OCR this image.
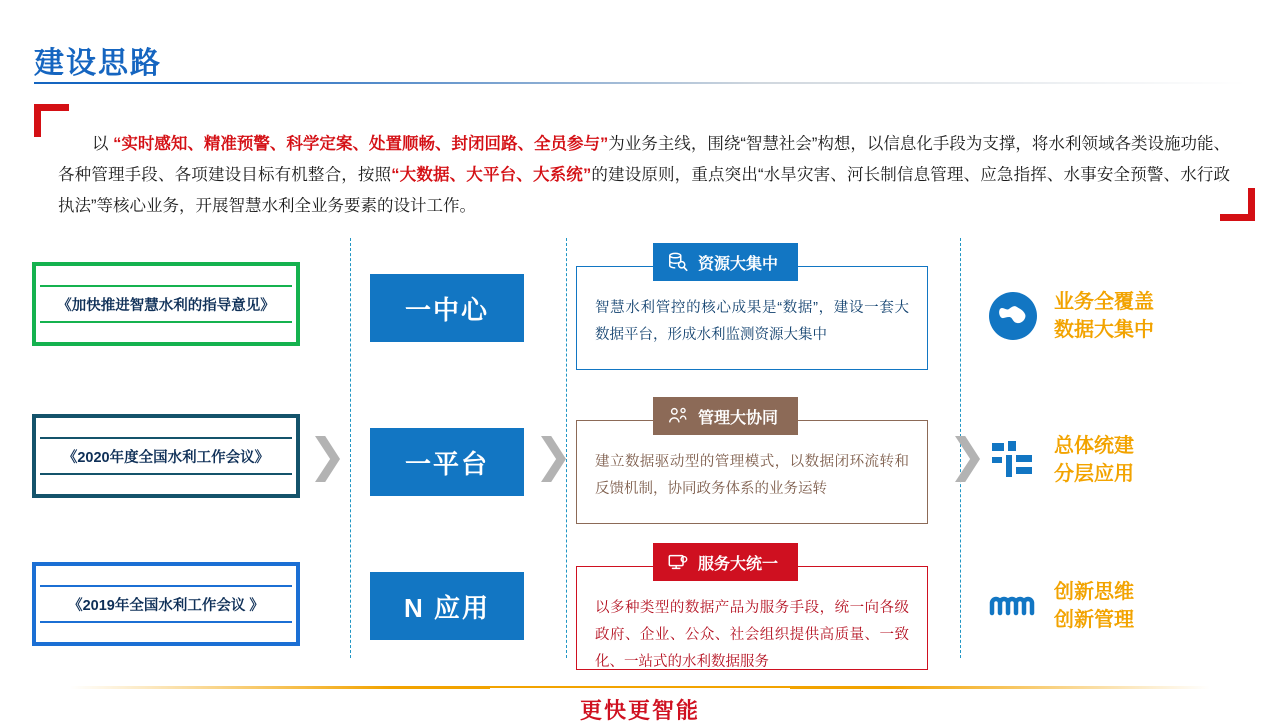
建设思路

以 “实时感知、精准预警、科学定案、处置顺畅、封闭回路、全员参与”为业务主线，围绕“智慧社会”构想，以信息化手段为支撑，将水利领域各类设施功能、各种管理手段、各项建设目标有机整合，按照“大数据、大平台、大系统”的建设原则，重点突出“水旱灾害、河长制信息管理、应急指挥、水事安全预警、水行政执法”等核心业务，开展智慧水利全业务要素的设计工作。

《加快推进智慧水利的指导意见》
《2020年度全国水利工作会议》
《2019年全国水利工作会议 》
❯	❯	❯
一中心
一平台
N 应用
资源大集中
智慧水利管控的核心成果是“数据”，建设一套大数据平台，形成水利监测资源大集中
管理大协同
建立数据驱动型的管理模式，以数据闭环流转和反馈机制，协同政务体系的业务运转
服务大统一
以多种类型的数据产品为服务手段，统一向各级政府、企业、公众、社会组织提供高质量、一致化、一站式的水利数据服务
业务全覆盖
数据大集中
总体统建
分层应用
创新思维
创新管理
更快更智能
